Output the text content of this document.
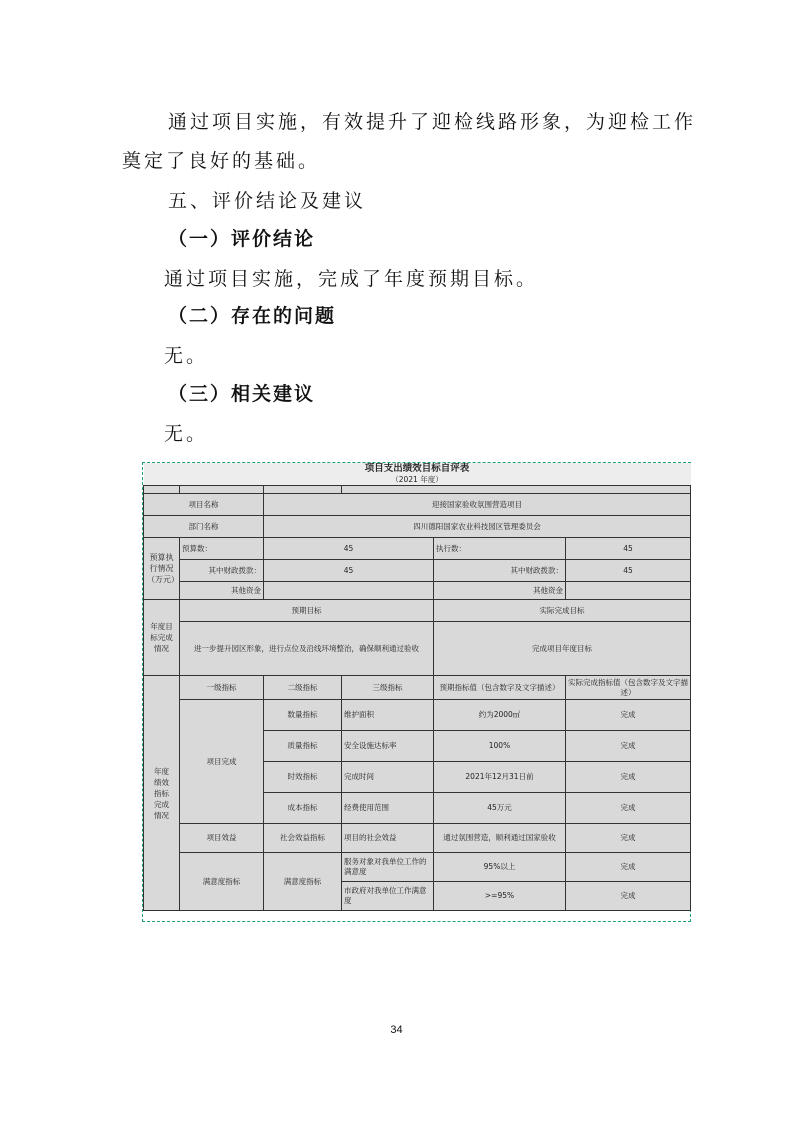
通过项目实施，有效提升了迎检线路形象，为迎检工作
奠定了良好的基础。
五、评价结论及建议
（一）评价结论
通过项目实施，完成了年度预期目标。
（二）存在的问题
无。
（三）相关建议
无。
项目支出绩效目标自评表					
（2021 年度）					

项目名称		迎接国家验收氛围营造项目			
部门名称		四川德阳国家农业科技园区管理委员会			
预算执行情况（万元）	预算数：	45		执行数：	45
	其中财政拨款：	45		其中财政拨款：	45
	其他资金			其他资金	
年度目标完成情况	预期目标			实际完成目标	
	进一步提升园区形象，进行点位及沿线环境整治，确保顺利通过验收			完成项目年度目标	
年度绩效指标完成情况	一级指标	二级指标	三级指标	预期指标值（包含数字及文字描述）	实际完成指标值（包含数字及文字描述）
	项目完成	数量指标	维护面积	约为2000㎡	完成
		质量指标	安全设施达标率	100%	完成
		时效指标	完成时间	2021年12月31日前	完成
		成本指标	经费使用范围	45万元	完成
	项目效益	社会效益指标	项目的社会效益	通过氛围营造，顺利通过国家验收	完成
	满意度指标	满意度指标	服务对象对我单位工作的满意度	95%以上	完成
			市政府对我单位工作满意度	>=95%	完成
34
